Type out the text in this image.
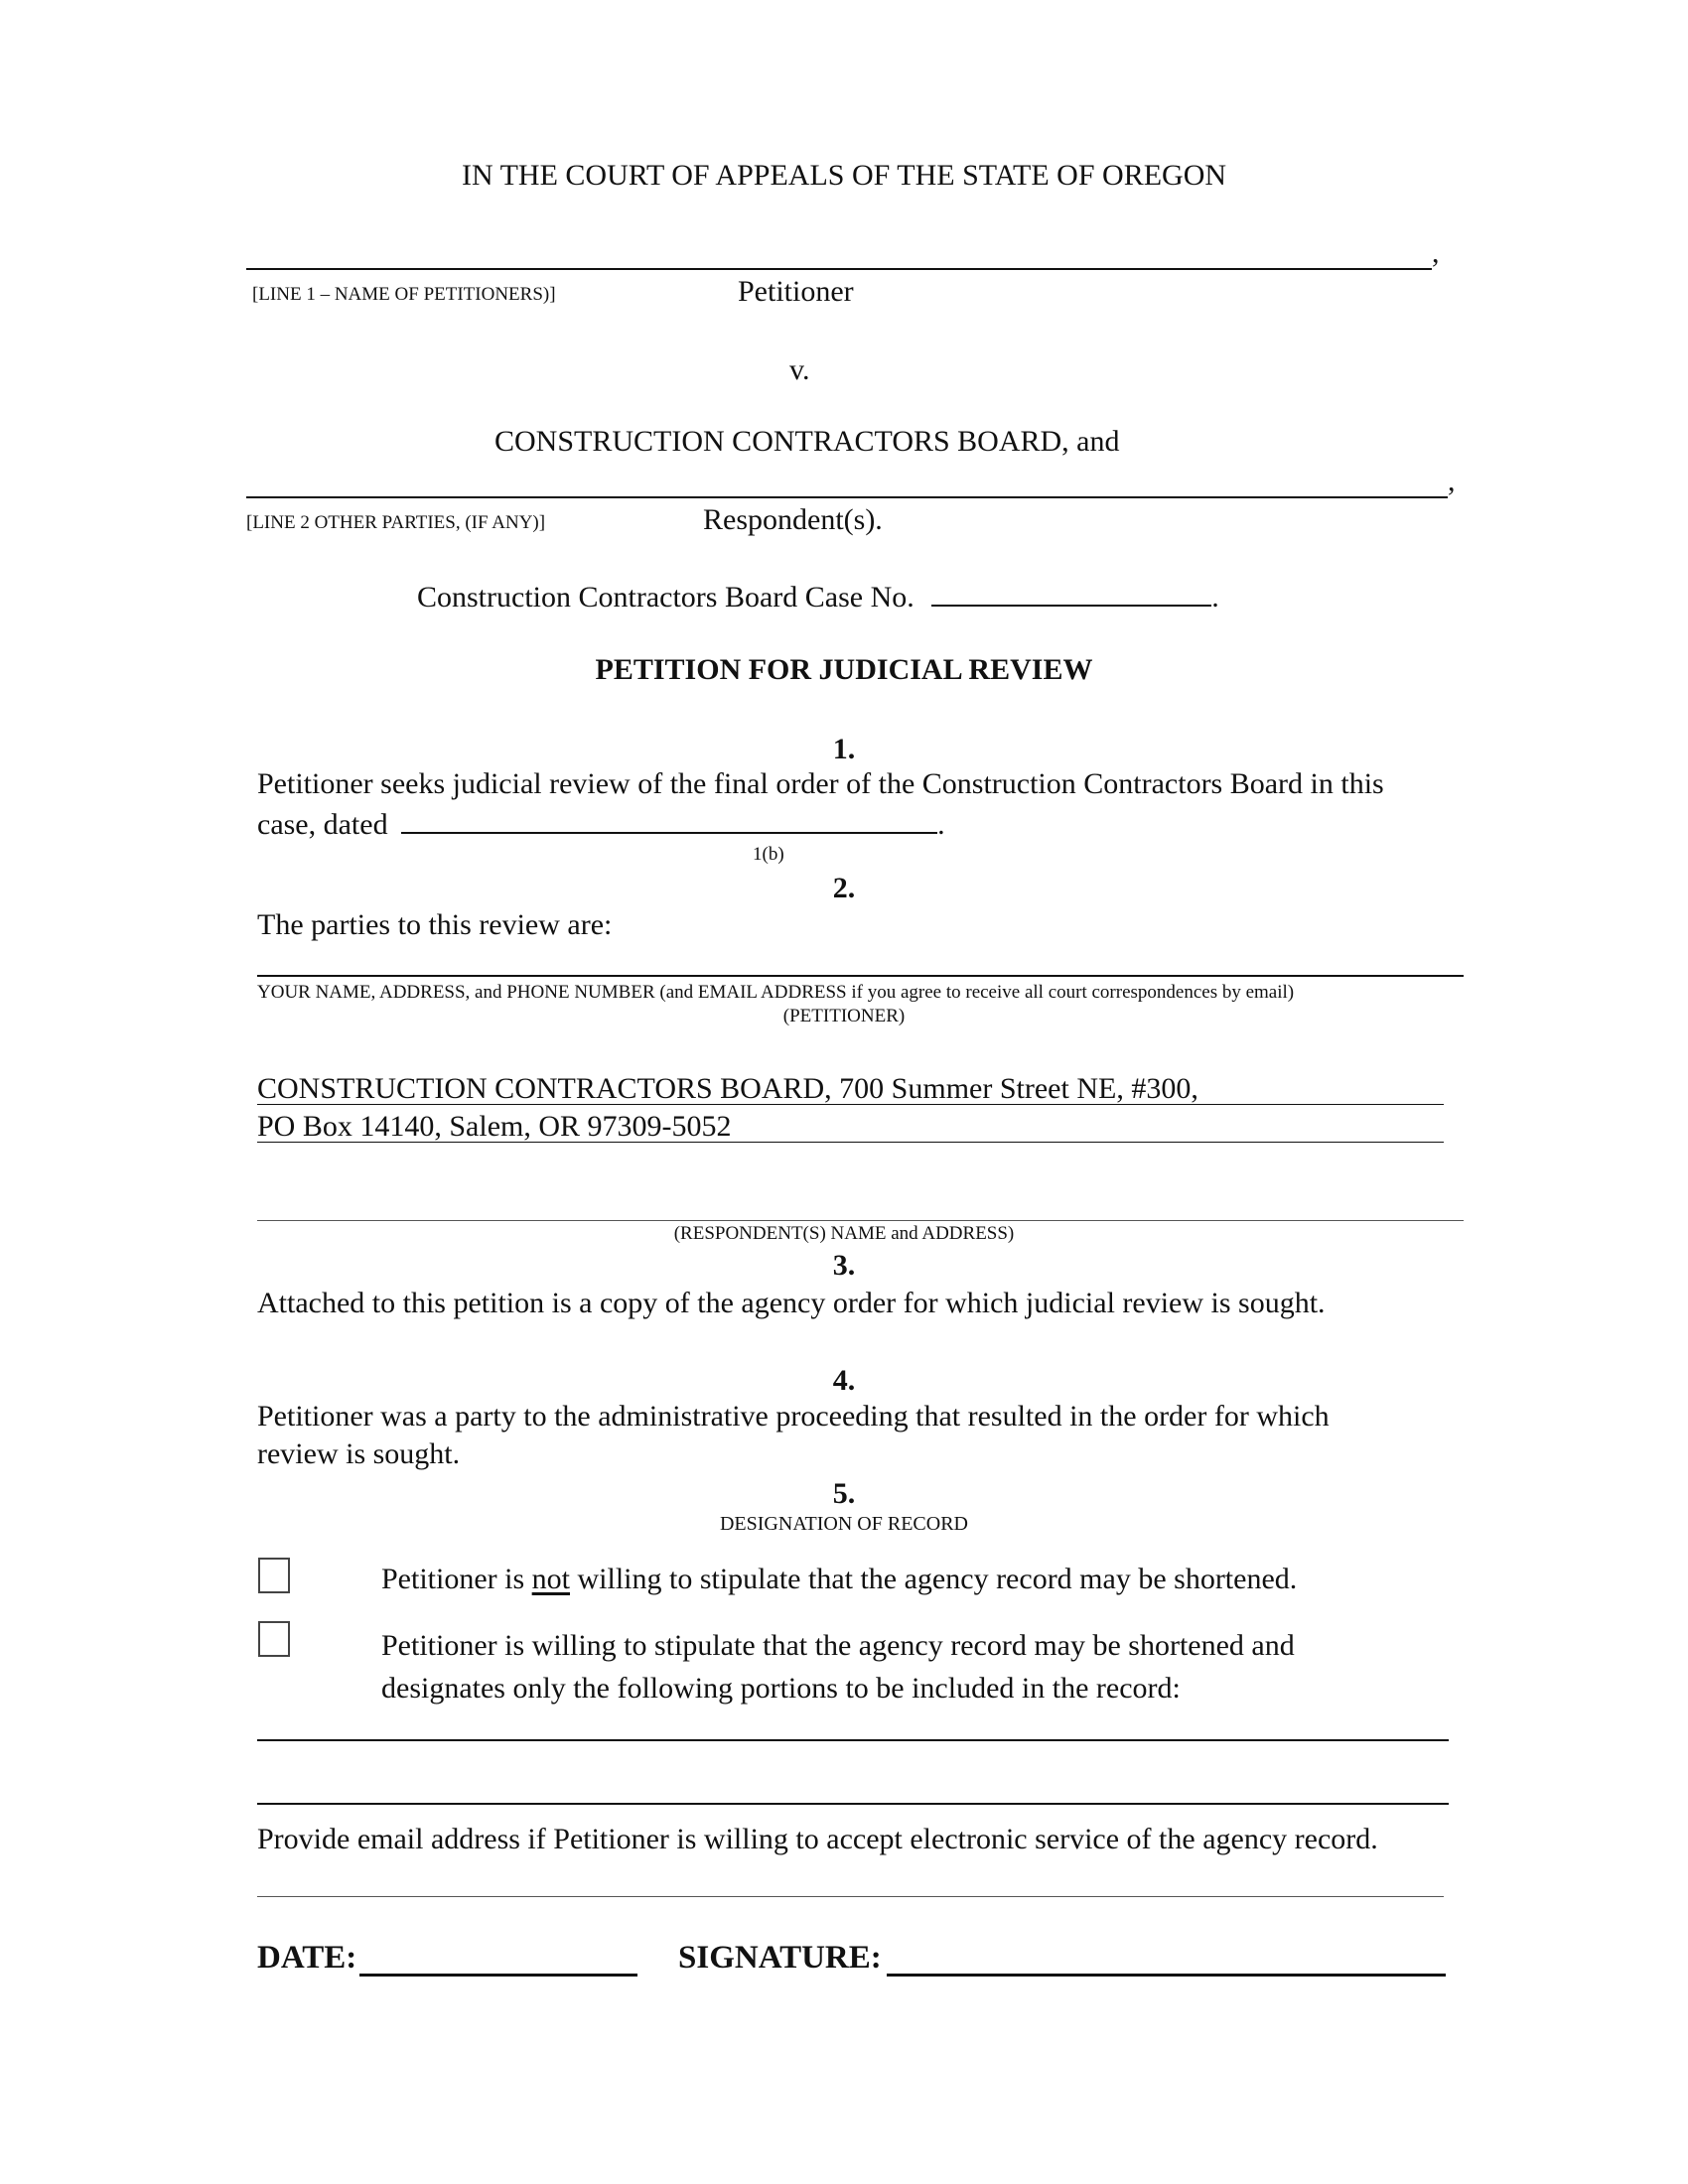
IN THE COURT OF APPEALS OF THE STATE OF OREGON
,
[LINE 1 – NAME OF PETITIONERS)]	Petitioner
v.
CONSTRUCTION CONTRACTORS BOARD, and
,
[LINE 2 OTHER PARTIES, (IF ANY)]	Respondent(s).
Construction Contractors Board Case No.	.
PETITION FOR JUDICIAL REVIEW
1.
Petitioner seeks judicial review of the final order of the Construction Contractors Board in this
case, dated	.
1(b)
2.
The parties to this review are:
YOUR NAME, ADDRESS, and PHONE NUMBER (and EMAIL ADDRESS if you agree to receive all court correspondences by email)
(PETITIONER)
CONSTRUCTION CONTRACTORS BOARD, 700 Summer Street NE, #300,
PO Box 14140, Salem, OR 97309-5052
(RESPONDENT(S) NAME and ADDRESS)
3.
Attached to this petition is a copy of the agency order for which judicial review is sought.
4.
Petitioner was a party to the administrative proceeding that resulted in the order for which
review is sought.
5.
DESIGNATION OF RECORD
Petitioner is not willing to stipulate that the agency record may be shortened.
Petitioner is willing to stipulate that the agency record may be shortened and
designates only the following portions to be included in the record:
Provide email address if Petitioner is willing to accept electronic service of the agency record.
DATE:	SIGNATURE:
